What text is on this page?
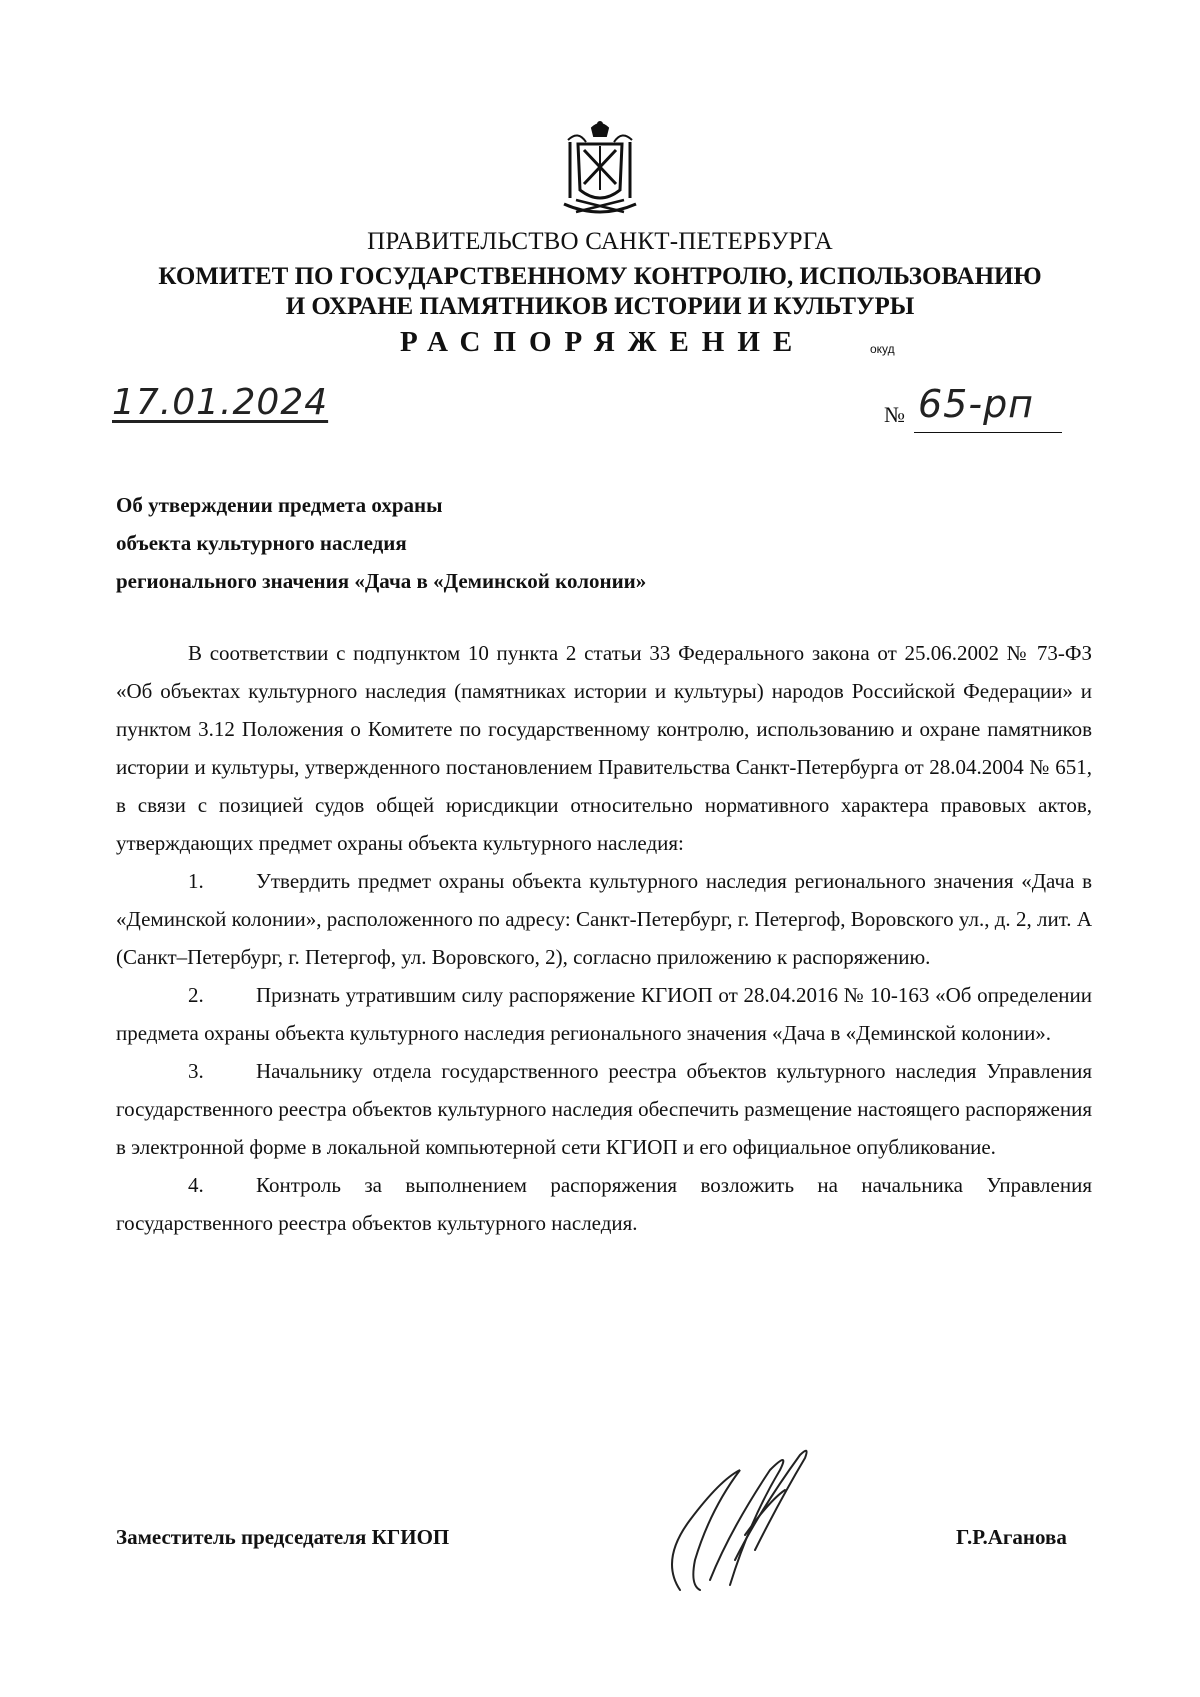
ПРАВИТЕЛЬСТВО САНКТ-ПЕТЕРБУРГА
КОМИТЕТ ПО ГОСУДАРСТВЕННОМУ КОНТРОЛЮ, ИСПОЛЬЗОВАНИЮ
И ОХРАНЕ ПАМЯТНИКОВ ИСТОРИИ И КУЛЬТУРЫ
РАСПОРЯЖЕНИЕ	окуд
17.01.2024	№ 65-рп
Об утверждении предмета охраны
объекта культурного наследия
регионального значения «Дача в «Деминской колонии»

В соответствии с подпунктом 10 пункта 2 статьи 33 Федерального закона от 25.06.2002 № 73-ФЗ «Об объектах культурного наследия (памятниках истории и культуры) народов Российской Федерации» и пунктом 3.12 Положения о Комитете по государственному контролю, использованию и охране памятников истории и культуры, утвержденного постановлением Правительства Санкт-Петербурга от 28.04.2004 № 651, в связи с позицией судов общей юрисдикции относительно нормативного характера правовых актов, утверждающих предмет охраны объекта культурного наследия:

1. Утвердить предмет охраны объекта культурного наследия регионального значения «Дача в «Деминской колонии», расположенного по адресу: Санкт-Петербург, г. Петергоф, Воровского ул., д. 2, лит. А (Санкт–Петербург, г. Петергоф, ул. Воровского, 2), согласно приложению к распоряжению.

2. Признать утратившим силу распоряжение КГИОП от 28.04.2016 № 10-163 «Об определении предмета охраны объекта культурного наследия регионального значения «Дача в «Деминской колонии».

3. Начальнику отдела государственного реестра объектов культурного наследия Управления государственного реестра объектов культурного наследия обеспечить размещение настоящего распоряжения в электронной форме в локальной компьютерной сети КГИОП и его официальное опубликование.

4. Контроль за выполнением распоряжения возложить на начальника Управления государственного реестра объектов культурного наследия.

Заместитель председателя КГИОП	Г.Р.Аганова
